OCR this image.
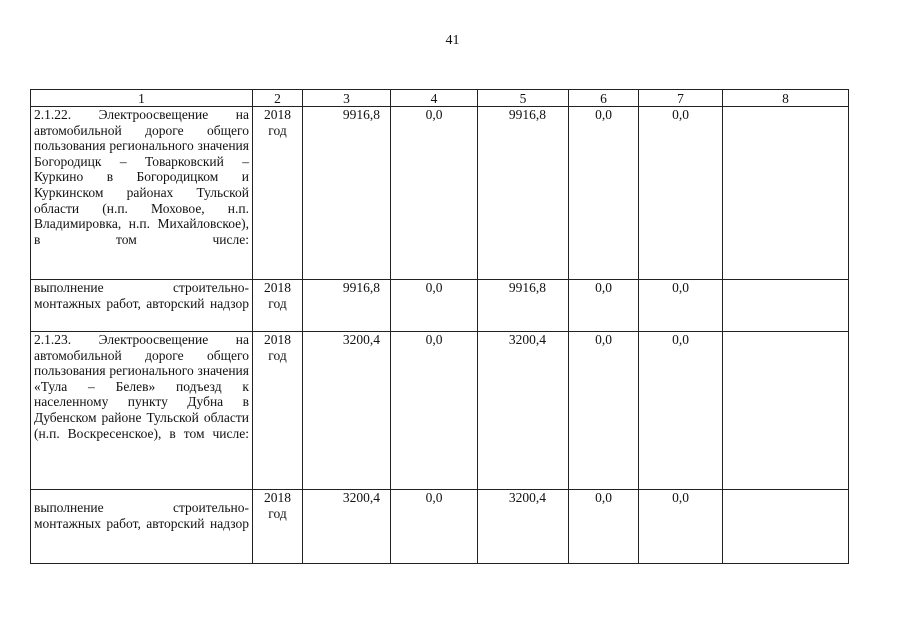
41
1	2	3	4	5	6	7	8
2.1.22. Электроосвещение на автомобильной дороге общего пользования регионального значения Богородицк – Товарковский – Куркино в Богородицком и Куркинском районах Тульской области (н.п. Моховое, н.п. Владимировка, н.п. Михайловское), в том числе:	2018 год	9916,8	0,0	9916,8	0,0	0,0	
выполнение строительно-монтажных работ, авторский надзор	2018 год	9916,8	0,0	9916,8	0,0	0,0	
2.1.23. Электроосвещение на автомобильной дороге общего пользования регионального значения «Тула – Белев» подъезд к населенному пункту Дубна в Дубенском районе Тульской области (н.п. Воскресенское), в том числе:	2018 год	3200,4	0,0	3200,4	0,0	0,0	
выполнение строительно-монтажных работ, авторский надзор	2018 год	3200,4	0,0	3200,4	0,0	0,0	
